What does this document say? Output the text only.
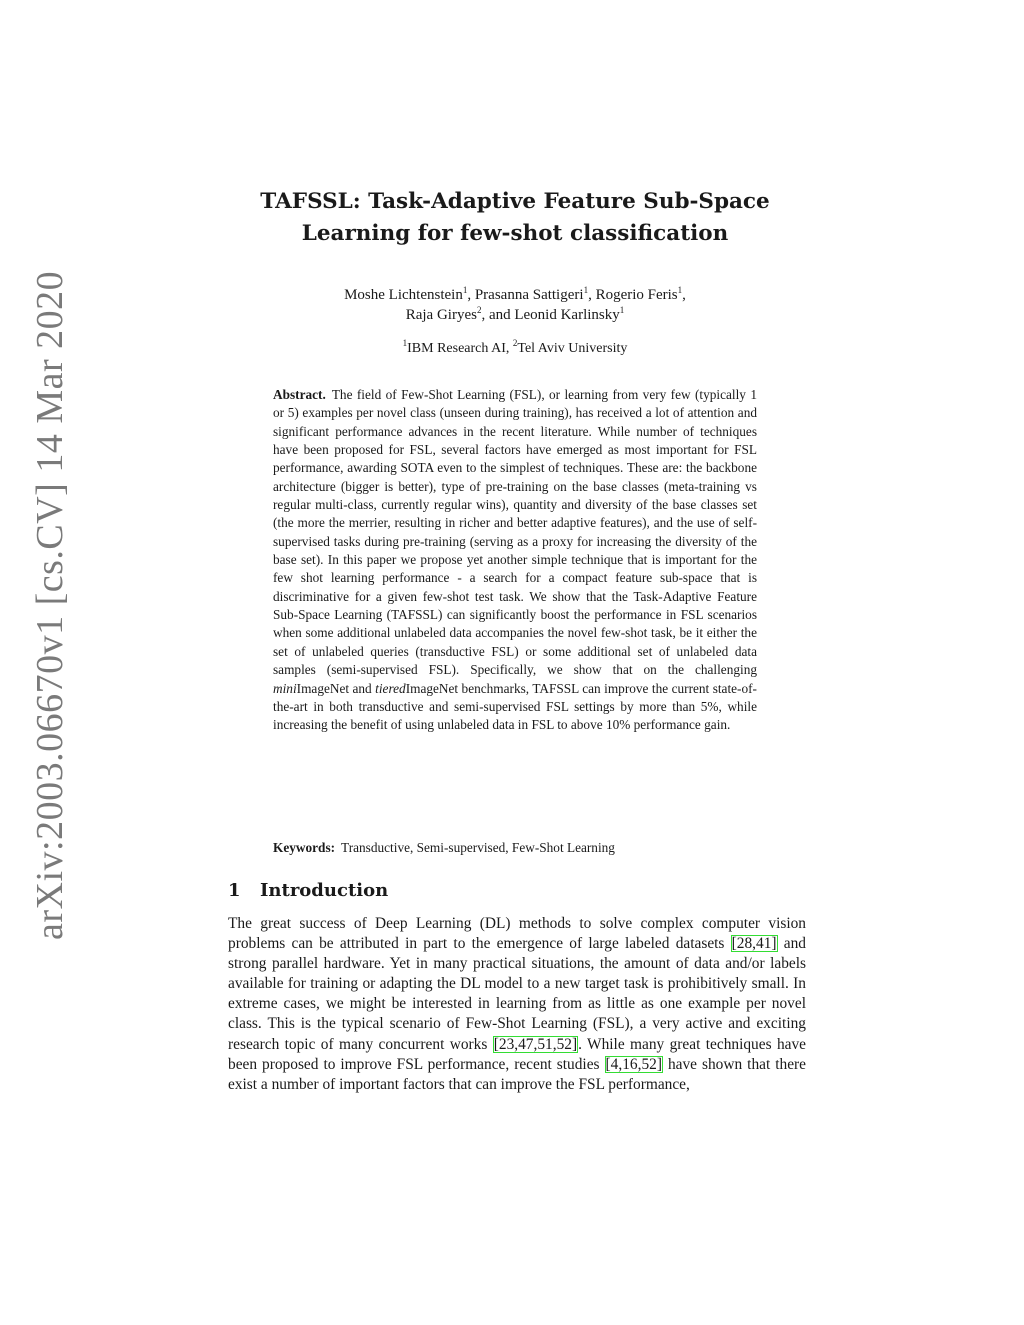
arXiv:2003.06670v1 [cs.CV] 14 Mar 2020
TAFSSL: Task-Adaptive Feature Sub-Space
Learning for few-shot classification
Moshe Lichtenstein$^1$, Prasanna Sattigeri$^1$, Rogerio Feris$^1$,
Raja Giryes$^2$, and Leonid Karlinsky$^1$
$^1$IBM Research AI, $^2$Tel Aviv University

Abstract. The field of Few-Shot Learning (FSL), or learning from very few (typically 1 or 5) examples per novel class (unseen during training), has received a lot of attention and significant performance advances in the recent literature. While number of techniques have been proposed for FSL, several factors have emerged as most important for FSL performance, awarding SOTA even to the simplest of techniques. These are: the backbone architecture (bigger is better), type of pre-training on the base classes (meta-training vs regular multi-class, currently regular wins), quantity and diversity of the base classes set (the more the merrier, resulting in richer and better adaptive features), and the use of self-supervised tasks during pre-training (serving as a proxy for increasing the diversity of the base set). In this paper we propose yet another simple technique that is important for the few shot learning performance - a search for a compact feature sub-space that is discriminative for a given few-shot test task. We show that the Task-Adaptive Feature Sub-Space Learning (TAFSSL) can significantly boost the performance in FSL scenarios when some additional unlabeled data accompanies the novel few-shot task, be it either the set of unlabeled queries (transductive FSL) or some additional set of unlabeled data samples (semi-supervised FSL). Specifically, we show that on the challenging miniImageNet and tieredImageNet benchmarks, TAFSSL can improve the current state-of-the-art in both transductive and semi-supervised FSL settings by more than 5%, while increasing the benefit of using unlabeled data in FSL to above 10% performance gain.

Keywords: Transductive, Semi-supervised, Few-Shot Learning

1 Introduction

The great success of Deep Learning (DL) methods to solve complex computer vision problems can be attributed in part to the emergence of large labeled datasets [28,41] and strong parallel hardware. Yet in many practical situations, the amount of data and/or labels available for training or adapting the DL model to a new target task is prohibitively small. In extreme cases, we might be interested in learning from as little as one example per novel class. This is the typical scenario of Few-Shot Learning (FSL), a very active and exciting research topic of many concurrent works [23,47,51,52]. While many great techniques have been proposed to improve FSL performance, recent studies [4,16,52] have shown that there exist a number of important factors that can improve the FSL performance,
